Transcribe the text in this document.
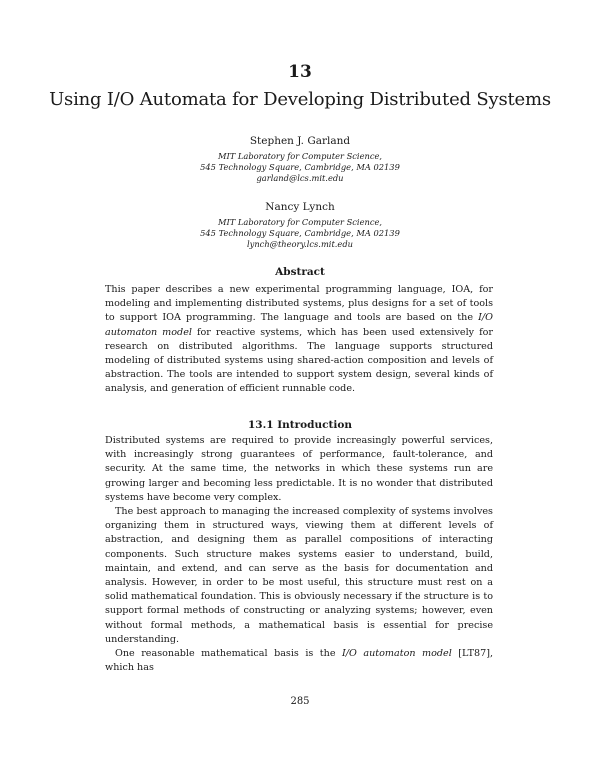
13
Using I/O Automata for Developing Distributed Systems
Stephen J. Garland
MIT Laboratory for Computer Science,
545 Technology Square, Cambridge, MA 02139
garland@lcs.mit.edu
Nancy Lynch
MIT Laboratory for Computer Science,
545 Technology Square, Cambridge, MA 02139
lynch@theory.lcs.mit.edu
Abstract

This paper describes a new experimental programming language, IOA, for modeling and implementing distributed systems, plus designs for a set of tools to support IOA programming. The language and tools are based on the I/O automaton model for reactive systems, which has been used extensively for research on distributed algorithms. The language supports structured modeling of distributed systems using shared-action composition and levels of abstraction. The tools are intended to support system design, several kinds of analysis, and generation of efficient runnable code.

13.1 Introduction

Distributed systems are required to provide increasingly powerful services, with increasingly strong guarantees of performance, fault-tolerance, and security. At the same time, the networks in which these systems run are growing larger and becoming less predictable. It is no wonder that distributed systems have become very complex.

The best approach to managing the increased complexity of systems involves organizing them in structured ways, viewing them at different levels of abstraction, and designing them as parallel compositions of interacting components. Such structure makes systems easier to understand, build, maintain, and extend, and can serve as the basis for documentation and analysis. However, in order to be most useful, this structure must rest on a solid mathematical foundation. This is obviously necessary if the structure is to support formal methods of constructing or analyzing systems; however, even without formal methods, a mathematical basis is essential for precise understanding.

One reasonable mathematical basis is the I/O automaton model [LT87], which has

285
